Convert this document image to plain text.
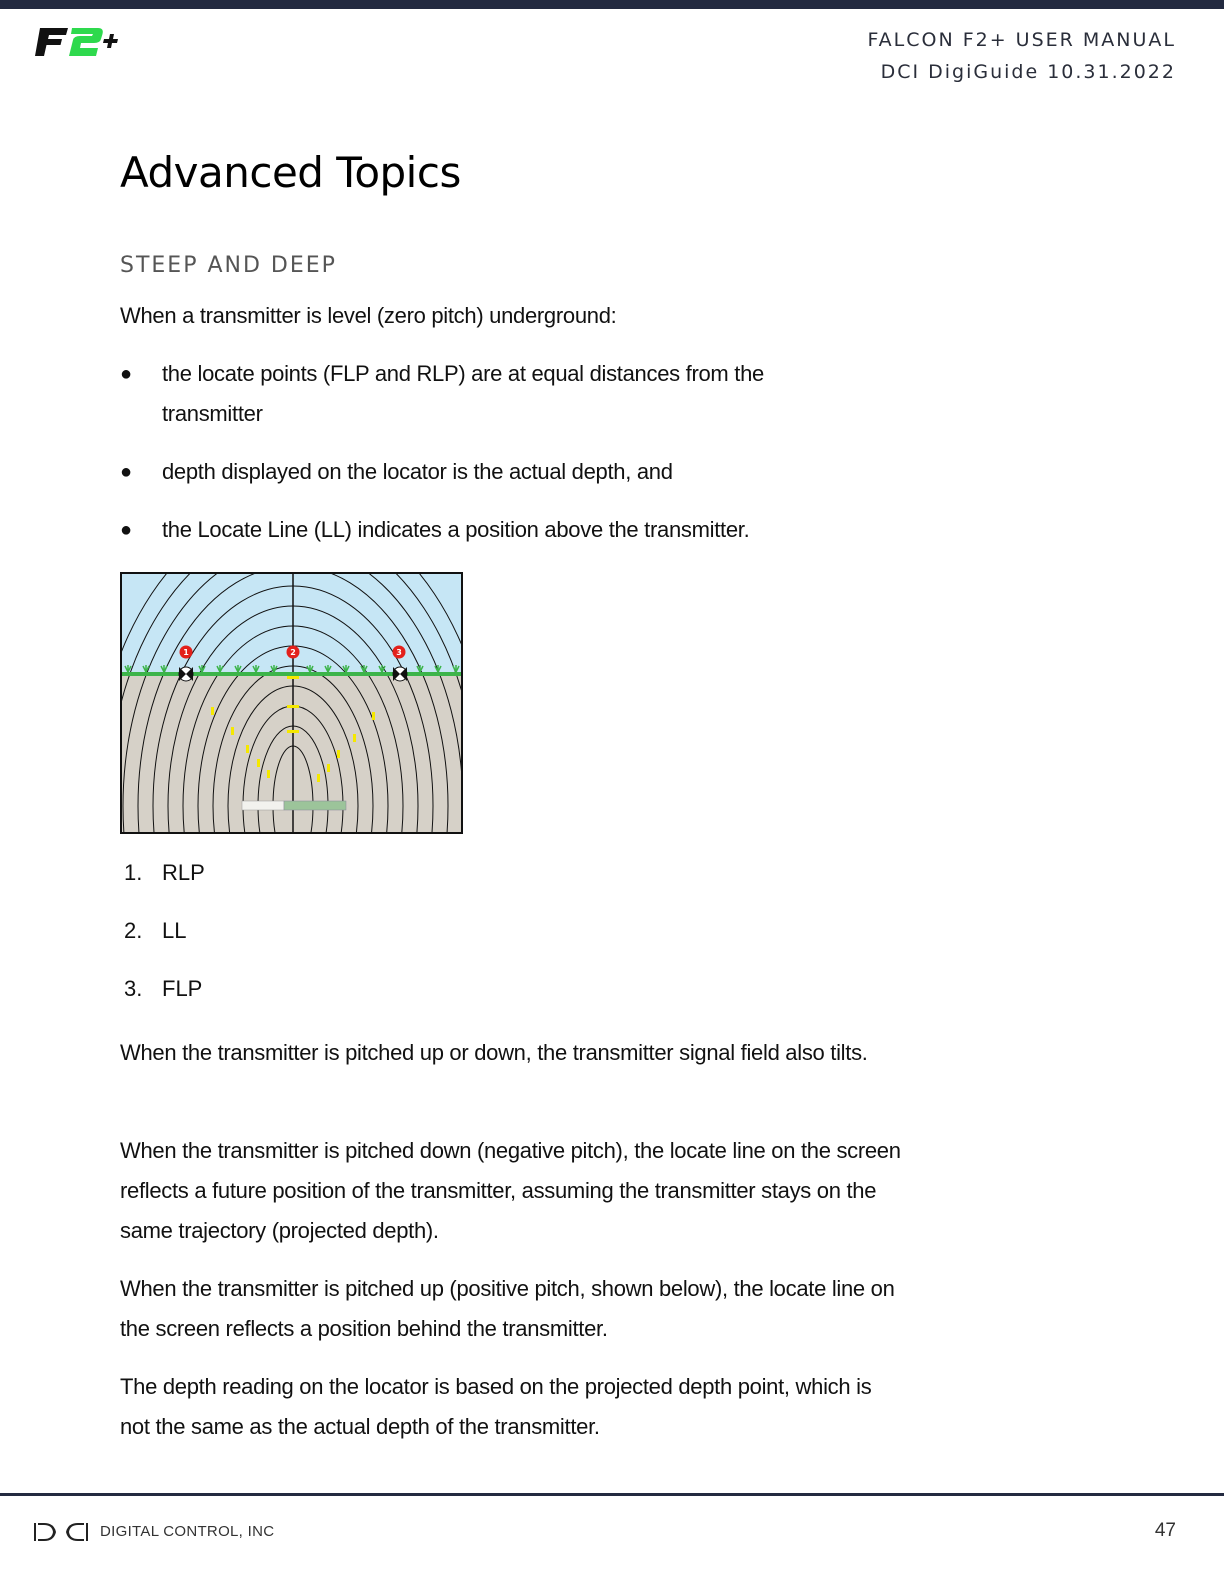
FALCON F2+ USER MANUAL
DCI DigiGuide 10.31.2022
Advanced Topics
STEEP AND DEEP
When a transmitter is level (zero pitch) underground:
● the locate points (FLP and RLP) are at equal distances from the transmitter
● depth displayed on the locator is the actual depth, and
● the Locate Line (LL) indicates a position above the transmitter.
1	2	3
1. RLP
2. LL
3. FLP
When the transmitter is pitched up or down, the transmitter signal field also tilts.
When the transmitter is pitched down (negative pitch), the locate line on the screen reflects a future position of the transmitter, assuming the transmitter stays on the same trajectory (projected depth).
When the transmitter is pitched up (positive pitch, shown below), the locate line on the screen reflects a position behind the transmitter.
The depth reading on the locator is based on the projected depth point, which is not the same as the actual depth of the transmitter.
DIGITAL CONTROL, INC	47
